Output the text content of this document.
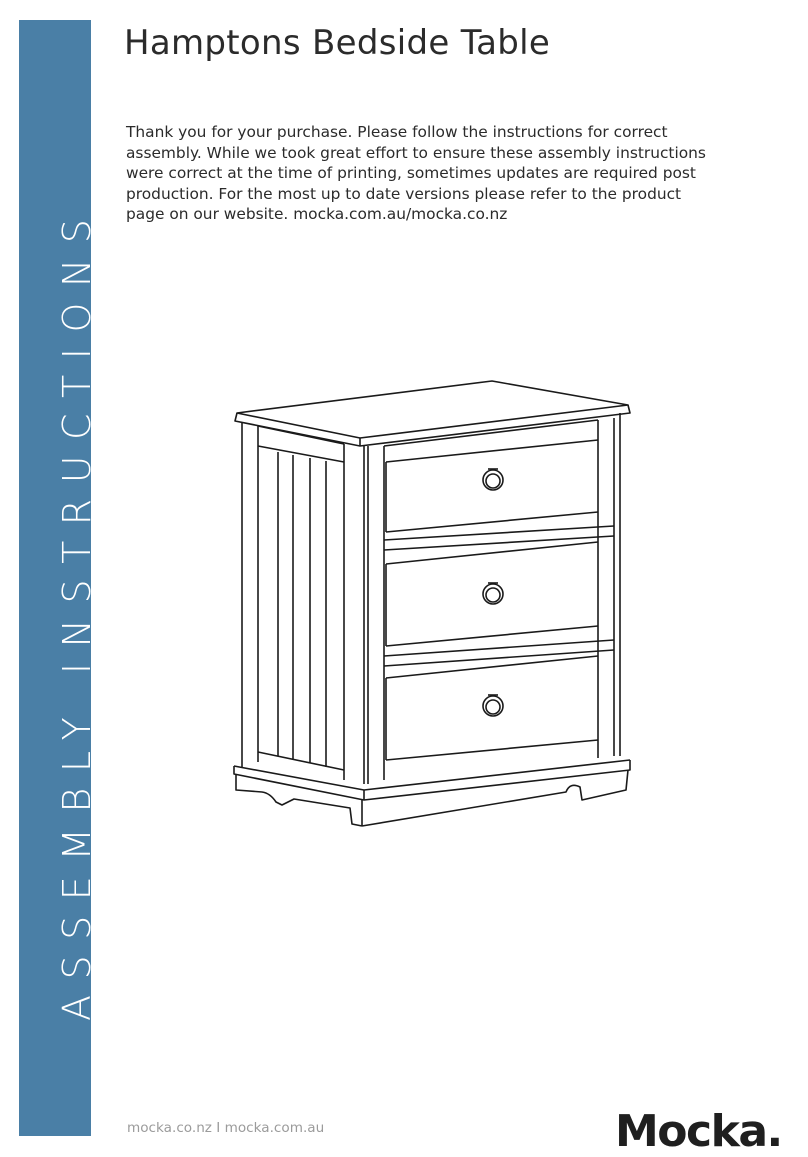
ASSEMBLY INSTRUCTIONS
Hamptons Bedside Table
Thank you for your purchase. Please follow the instructions for correct
assembly. While we took great effort to ensure these assembly instructions
were correct at the time of printing, sometimes updates are required post
production. For the most up to date versions please refer to the product
page on our website. mocka.com.au/mocka.co.nz
mocka.co.nz I mocka.com.au	Mocka.
